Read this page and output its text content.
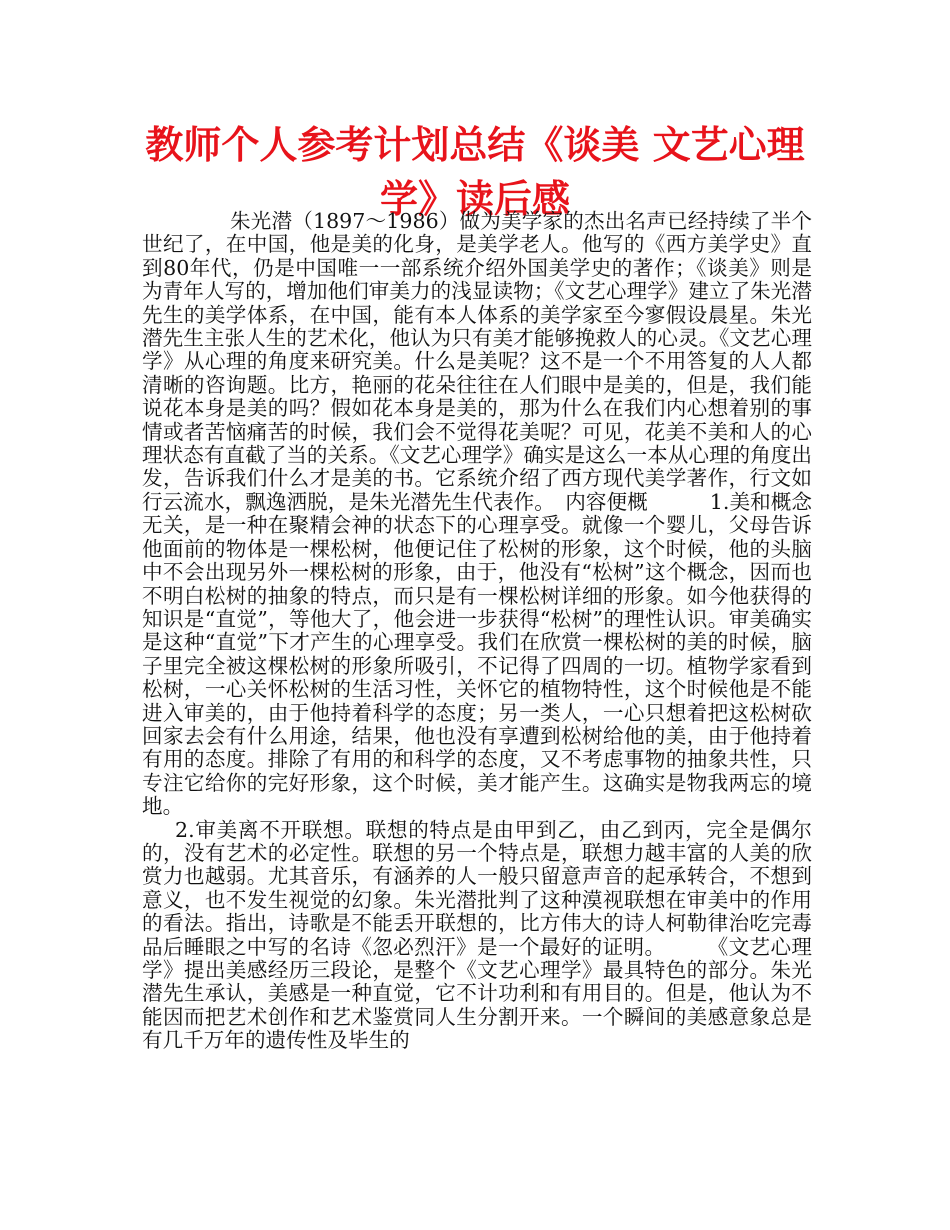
教师个人参考计划总结《谈美 文艺心理学》读后感

朱光潜（1897～1986）做为美学家的杰出名声已经持续了半个世纪了，在中国，他是美的化身，是美学老人。他写的《西方美学史》直到80年代，仍是中国唯一一部系统介绍外国美学史的著作；《谈美》则是为青年人写的，增加他们审美力的浅显读物；《文艺心理学》建立了朱光潜先生的美学体系，在中国，能有本人体系的美学家至今寥假设晨星。朱光潜先生主张人生的艺术化，他认为只有美才能够挽救人的心灵。《文艺心理学》从心理的角度来研究美。什么是美呢？这不是一个不用答复的人人都清晰的咨询题。比方，艳丽的花朵往往在人们眼中是美的，但是，我们能说花本身是美的吗？假如花本身是美的，那为什么在我们内心想着别的事情或者苦恼痛苦的时候，我们会不觉得花美呢？可见，花美不美和人的心理状态有直截了当的关系。《文艺心理学》确实是这么一本从心理的角度出发，告诉我们什么才是美的书。它系统介绍了西方现代美学著作，行文如行云流水，飘逸洒脱，是朱光潜先生代表作。　内容便概　　　1.美和概念无关，是一种在聚精会神的状态下的心理享受。就像一个婴儿，父母告诉他面前的物体是一棵松树，他便记住了松树的形象，这个时候，他的头脑中不会出现另外一棵松树的形象，由于，他没有“松树”这个概念，因而也不明白松树的抽象的特点，而只是有一棵松树详细的形象。如今他获得的知识是“直觉”，等他大了，他会进一步获得“松树”的理性认识。审美确实是这种“直觉”下才产生的心理享受。我们在欣赏一棵松树的美的时候，脑子里完全被这棵松树的形象所吸引，不记得了四周的一切。植物学家看到松树，一心关怀松树的生活习性，关怀它的植物特性，这个时候他是不能进入审美的，由于他持着科学的态度；另一类人，一心只想着把这松树砍回家去会有什么用途，结果，他也没有享遭到松树给他的美，由于他持着有用的态度。排除了有用的和科学的态度，又不考虑事物的抽象共性，只专注它给你的完好形象，这个时候，美才能产生。这确实是物我两忘的境地。

2.审美离不开联想。联想的特点是由甲到乙，由乙到丙，完全是偶尔的，没有艺术的必定性。联想的另一个特点是，联想力越丰富的人美的欣赏力也越弱。尤其音乐，有涵养的人一般只留意声音的起承转合，不想到意义，也不发生视觉的幻象。朱光潜批判了这种漠视联想在审美中的作用的看法。指出，诗歌是不能丢开联想的，比方伟大的诗人柯勒律治吃完毒品后睡眼之中写的名诗《忽必烈汗》是一个最好的证明。　　　《文艺心理学》提出美感经历三段论，是整个《文艺心理学》最具特色的部分。朱光潜先生承认，美感是一种直觉，它不计功利和有用目的。但是，他认为不能因而把艺术创作和艺术鉴赏同人生分割开来。一个瞬间的美感意象总是有几千万年的遗传性及毕生的
